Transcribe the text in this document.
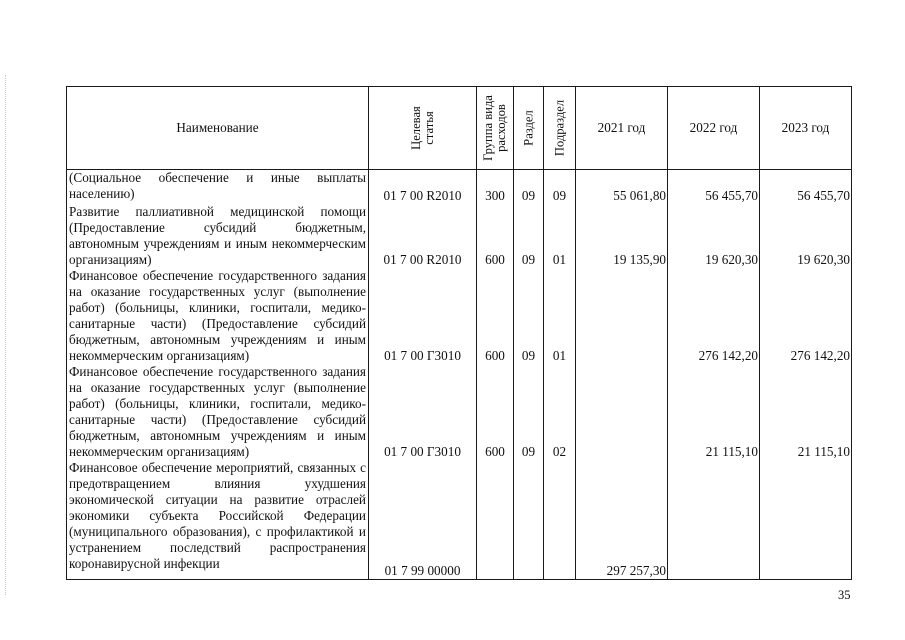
Наименование	Целевая статья	Группа вида расходов	Раздел	Подраздел	2021 год	2022 год	2023 год
(Социальное обеспечение и иные выплаты населению)	01 7 00 R2010	300	09	09	55 061,80	56 455,70	56 455,70
Развитие паллиативной медицинской помощи (Предоставление субсидий бюджетным, автономным учреждениям и иным некоммерческим организациям)	01 7 00 R2010	600	09	01	19 135,90	19 620,30	19 620,30
Финансовое обеспечение государственного задания на оказание государственных услуг (выполнение работ) (больницы, клиники, госпитали, медико-санитарные части) (Предоставление субсидий бюджетным, автономным учреждениям и иным некоммерческим организациям)	01 7 00 Г3010	600	09	01		276 142,20	276 142,20
Финансовое обеспечение государственного задания на оказание государственных услуг (выполнение работ) (больницы, клиники, госпитали, медико-санитарные части) (Предоставление субсидий бюджетным, автономным учреждениям и иным некоммерческим организациям)	01 7 00 Г3010	600	09	02		21 115,10	21 115,10
Финансовое обеспечение мероприятий, связанных с предотвращением влияния ухудшения экономической ситуации на развитие отраслей экономики субъекта Российской Федерации (муниципального образования), с профилактикой и устранением последствий распространения коронавирусной инфекции	01 7 99 00000				297 257,30		
35
